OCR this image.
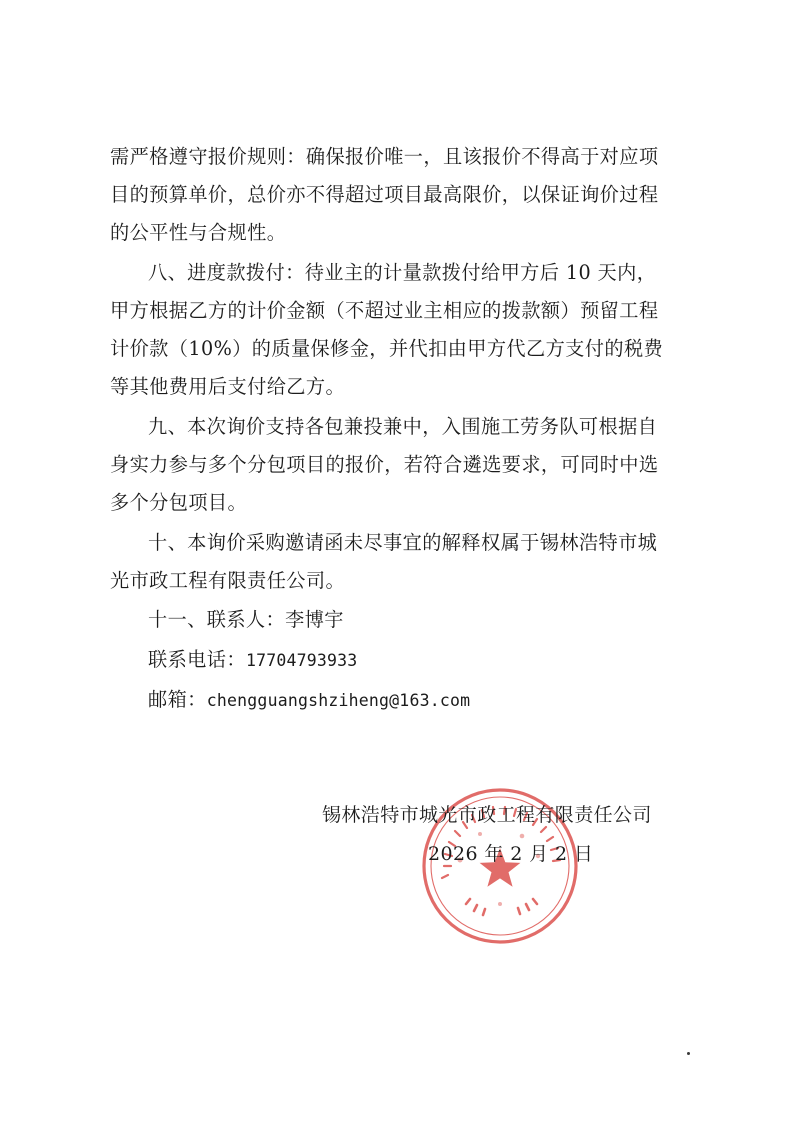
需严格遵守报价规则：确保报价唯一，且该报价不得高于对应项
目的预算单价，总价亦不得超过项目最高限价，以保证询价过程
的公平性与合规性。
八、进度款拨付：待业主的计量款拨付给甲方后 10 天内，
甲方根据乙方的计价金额（不超过业主相应的拨款额）预留工程
计价款（10%）的质量保修金，并代扣由甲方代乙方支付的税费
等其他费用后支付给乙方。
九、本次询价支持各包兼投兼中，入围施工劳务队可根据自
身实力参与多个分包项目的报价，若符合遴选要求，可同时中选
多个分包项目。
十、本询价采购邀请函未尽事宜的解释权属于锡林浩特市城
光市政工程有限责任公司。
十一、联系人：李博宇
联系电话：17704793933
邮箱：chengguangshziheng@163.com
锡林浩特市城光市政工程有限责任公司
2026 年 2 月 2 日
